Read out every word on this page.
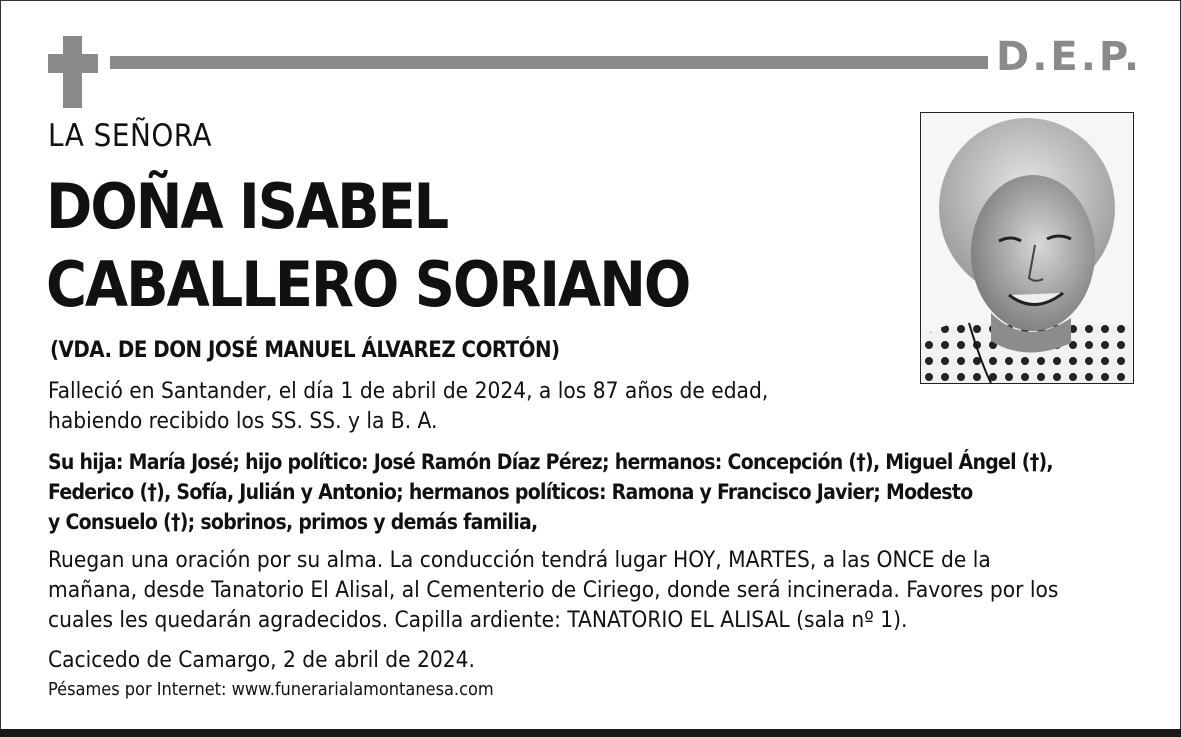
D.E.P.
LA SEÑORA
DOÑA ISABEL
CABALLERO SORIANO
(VDA. DE DON JOSÉ MANUEL ÁLVAREZ CORTÓN)
Falleció en Santander, el día 1 de abril de 2024, a los 87 años de edad,
habiendo recibido los SS. SS. y la B. A.
Su hija: María José; hijo político: José Ramón Díaz Pérez; hermanos: Concepción (†), Miguel Ángel (†),
Federico (†), Sofía, Julián y Antonio; hermanos políticos: Ramona y Francisco Javier; Modesto
y Consuelo (†); sobrinos, primos y demás familia,
Ruegan una oración por su alma. La conducción tendrá lugar HOY, MARTES, a las ONCE de la
mañana, desde Tanatorio El Alisal, al Cementerio de Ciriego, donde será incinerada. Favores por los
cuales les quedarán agradecidos. Capilla ardiente: TANATORIO EL ALISAL (sala nº 1).
Cacicedo de Camargo, 2 de abril de 2024.
Pésames por Internet: www.funerarialamontanesa.com
